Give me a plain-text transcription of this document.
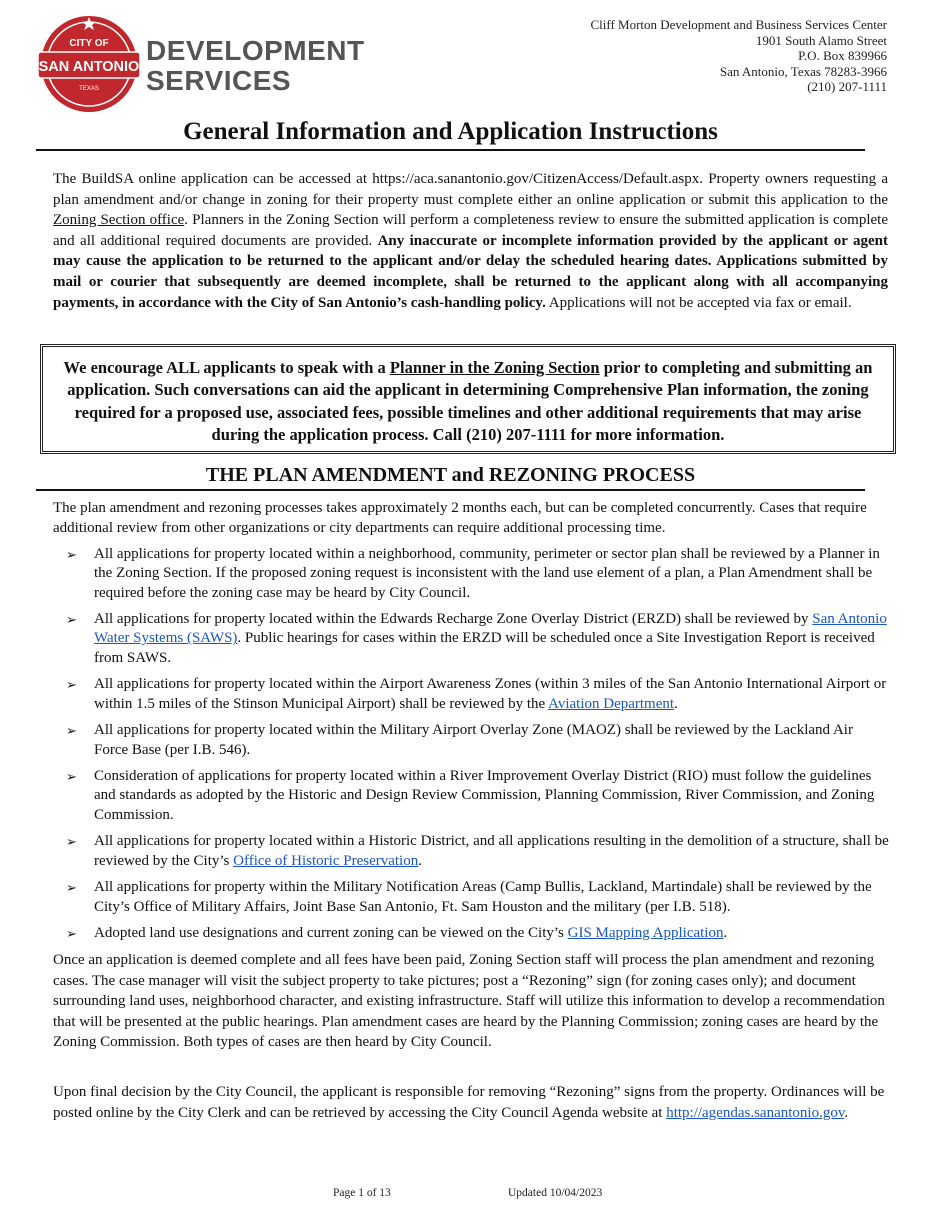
CITY OF
SAN ANTONIO
TEXAS
DEVELOPMENT
SERVICES
Cliff Morton Development and Business Services Center
1901 South Alamo Street
P.O. Box 839966
San Antonio, Texas 78283-3966
(210) 207-1111
General Information and Application Instructions
The BuildSA online application can be accessed at https://aca.sanantonio.gov/CitizenAccess/Default.aspx. Property owners requesting a plan amendment and/or change in zoning for their property must complete either an online application or submit this application to the Zoning Section office. Planners in the Zoning Section will perform a completeness review to ensure the submitted application is complete and all additional required documents are provided. Any inaccurate or incomplete information provided by the applicant or agent may cause the application to be returned to the applicant and/or delay the scheduled hearing dates. Applications submitted by mail or courier that subsequently are deemed incomplete, shall be returned to the applicant along with all accompanying payments, in accordance with the City of San Antonio’s cash-handling policy. Applications will not be accepted via fax or email.
We encourage ALL applicants to speak with a Planner in the Zoning Section prior to completing and submitting an application. Such conversations can aid the applicant in determining Comprehensive Plan information, the zoning required for a proposed use, associated fees, possible timelines and other additional requirements that may arise during the application process. Call (210) 207-1111 for more information.
THE PLAN AMENDMENT and REZONING PROCESS
The plan amendment and rezoning processes takes approximately 2 months each, but can be completed concurrently. Cases that require additional review from other organizations or city departments can require additional processing time.
➢ All applications for property located within a neighborhood, community, perimeter or sector plan shall be reviewed by a Planner in the Zoning Section. If the proposed zoning request is inconsistent with the land use element of a plan, a Plan Amendment shall be required before the zoning case may be heard by City Council.
➢ All applications for property located within the Edwards Recharge Zone Overlay District (ERZD) shall be reviewed by San Antonio Water Systems (SAWS). Public hearings for cases within the ERZD will be scheduled once a Site Investigation Report is received from SAWS.
➢ All applications for property located within the Airport Awareness Zones (within 3 miles of the San Antonio International Airport or within 1.5 miles of the Stinson Municipal Airport) shall be reviewed by the Aviation Department.
➢ All applications for property located within the Military Airport Overlay Zone (MAOZ) shall be reviewed by the Lackland Air Force Base (per I.B. 546).
➢ Consideration of applications for property located within a River Improvement Overlay District (RIO) must follow the guidelines and standards as adopted by the Historic and Design Review Commission, Planning Commission, River Commission, and Zoning Commission.
➢ All applications for property located within a Historic District, and all applications resulting in the demolition of a structure, shall be reviewed by the City’s Office of Historic Preservation.
➢ All applications for property within the Military Notification Areas (Camp Bullis, Lackland, Martindale) shall be reviewed by the City’s Office of Military Affairs, Joint Base San Antonio, Ft. Sam Houston and the military (per I.B. 518).
➢ Adopted land use designations and current zoning can be viewed on the City’s GIS Mapping Application.
Once an application is deemed complete and all fees have been paid, Zoning Section staff will process the plan amendment and rezoning cases. The case manager will visit the subject property to take pictures; post a “Rezoning” sign (for zoning cases only); and document surrounding land uses, neighborhood character, and existing infrastructure. Staff will utilize this information to develop a recommendation that will be presented at the public hearings. Plan amendment cases are heard by the Planning Commission; zoning cases are heard by the Zoning Commission. Both types of cases are then heard by City Council.
Upon final decision by the City Council, the applicant is responsible for removing “Rezoning” signs from the property. Ordinances will be posted online by the City Clerk and can be retrieved by accessing the City Council Agenda website at http://agendas.sanantonio.gov.
Page 1 of 13	Updated 10/04/2023
